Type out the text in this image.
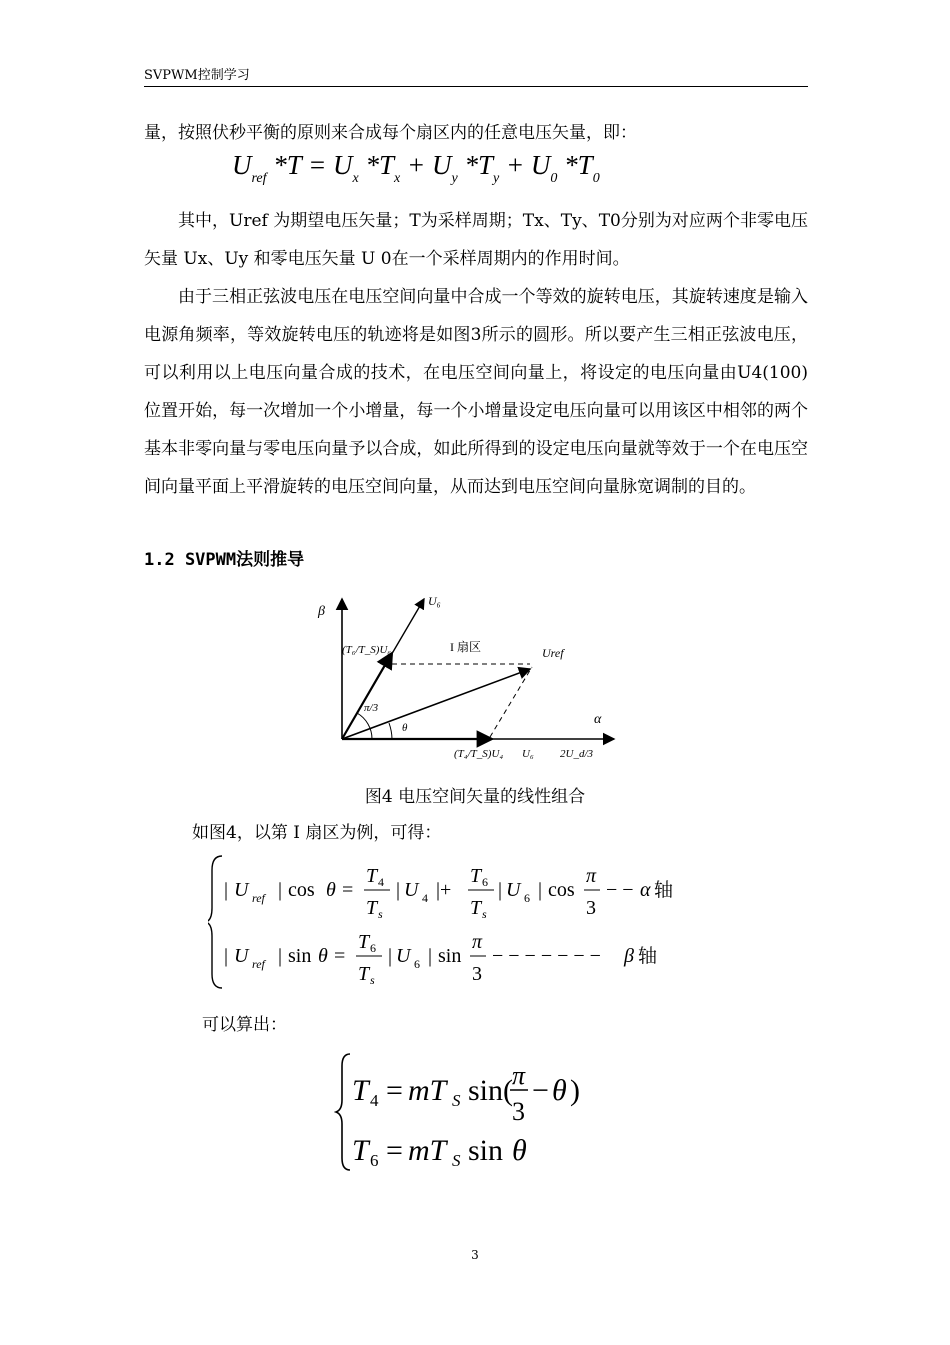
SVPWM控制学习

量，按照伏秒平衡的原则来合成每个扇区内的任意电压矢量，即：

$U_{ref}$ $*T = U_x$ $*T_x + U_y$ $*T_y + U_0$ $*T_0$

其中，Uref 为期望电压矢量；T为采样周期；Tx、Ty、T0分别为对应两个非零电压矢量 Ux、Uy 和零电压矢量 U 0在一个采样周期内的作用时间。

由于三相正弦波电压在电压空间向量中合成一个等效的旋转电压，其旋转速度是输入电源角频率，等效旋转电压的轨迹将是如图3所示的圆形。所以要产生三相正弦波电压，可以利用以上电压向量合成的技术，在电压空间向量上，将设定的电压向量由U4(100)位置开始，每一次增加一个小增量，每一个小增量设定电压向量可以用该区中相邻的两个基本非零向量与零电压向量予以合成，如此所得到的设定电压向量就等效于一个在电压空间向量平面上平滑旋转的电压空间向量，从而达到电压空间向量脉宽调制的目的。

1.2 SVPWM法则推导
β
α
U₆
Uref
I 扇区
(T₆/T_S)U₆
π/3
θ
(T₄/T_S)U₄ U₆ 2U_d/3
图4 电压空间矢量的线性组合
如图4，以第 I 扇区为例，可得：
| U ref | cos θ =
T 4
T s
| U 4 |+
T 6
T s
| U 6 | cos
π
3
− − α 轴
| U ref | sin θ =
T 6
T s
| U 6 | sin
π
3
− − − − − − − β 轴
可以算出：
T 4 = mT S sin( π
3
− θ )
T 6 = mT S sin θ
3
